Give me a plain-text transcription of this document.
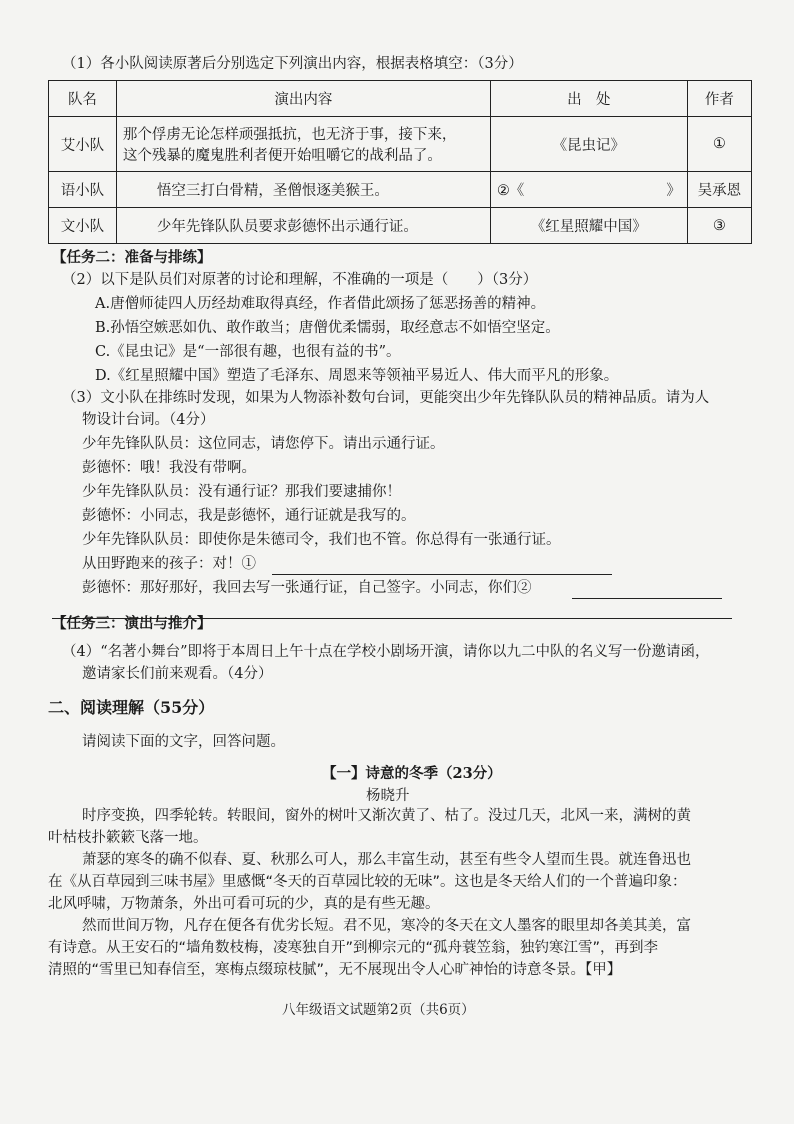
（1）各小队阅读原著后分别选定下列演出内容，根据表格填空：（3分）
队名	演出内容	出　处	作者
艾小队	那个俘虏无论怎样顽强抵抗，也无济于事，接下来，
这个残暴的魔鬼胜利者便开始咀嚼它的战利品了。	《昆虫记》	①
语小队	悟空三打白骨精，圣僧恨逐美猴王。	②《 》	吴承恩
文小队	少年先锋队队员要求彭德怀出示通行证。	《红星照耀中国》	③
【任务二：准备与排练】
（2）以下是队员们对原著的讨论和理解，不准确的一项是（　　）（3分）
A.唐僧师徒四人历经劫难取得真经，作者借此颂扬了惩恶扬善的精神。
B.孙悟空嫉恶如仇、敢作敢当；唐僧优柔懦弱，取经意志不如悟空坚定。
C.《昆虫记》是“一部很有趣，也很有益的书”。
D.《红星照耀中国》塑造了毛泽东、周恩来等领袖平易近人、伟大而平凡的形象。
（3）文小队在排练时发现，如果为人物添补数句台词，更能突出少年先锋队队员的精神品质。请为人
物设计台词。（4分）
少年先锋队队员：这位同志，请您停下。请出示通行证。
彭德怀：哦！我没有带啊。
少年先锋队队员：没有通行证？那我们要逮捕你！
彭德怀：小同志，我是彭德怀，通行证就是我写的。
少年先锋队队员：即使你是朱德司令，我们也不管。你总得有一张通行证。
从田野跑来的孩子：对！①
彭德怀：那好那好，我回去写一张通行证，自己签字。小同志，你们②
【任务三：演出与推介】
（4）“名著小舞台”即将于本周日上午十点在学校小剧场开演，请你以九二中队的名义写一份邀请函，
邀请家长们前来观看。（4分）
二、阅读理解（55分）
请阅读下面的文字，回答问题。
【一】诗意的冬季（23分）
杨晓升
时序变换，四季轮转。转眼间，窗外的树叶又渐次黄了、枯了。没过几天，北风一来，满树的黄
叶枯枝扑簌簌飞落一地。
萧瑟的寒冬的确不似春、夏、秋那么可人，那么丰富生动，甚至有些令人望而生畏。就连鲁迅也
在《从百草园到三味书屋》里感慨“冬天的百草园比较的无味”。这也是冬天给人们的一个普遍印象：
北风呼啸，万物萧条，外出可看可玩的少，真的是有些无趣。
然而世间万物，凡存在便各有优劣长短。君不见，寒冷的冬天在文人墨客的眼里却各美其美，富
有诗意。从王安石的“墙角数枝梅，凌寒独自开”到柳宗元的“孤舟蓑笠翁，独钓寒江雪”，再到李
清照的“雪里已知春信至，寒梅点缀琼枝腻”，无不展现出令人心旷神怡的诗意冬景。【甲】
八年级语文试题第2页（共6页）
